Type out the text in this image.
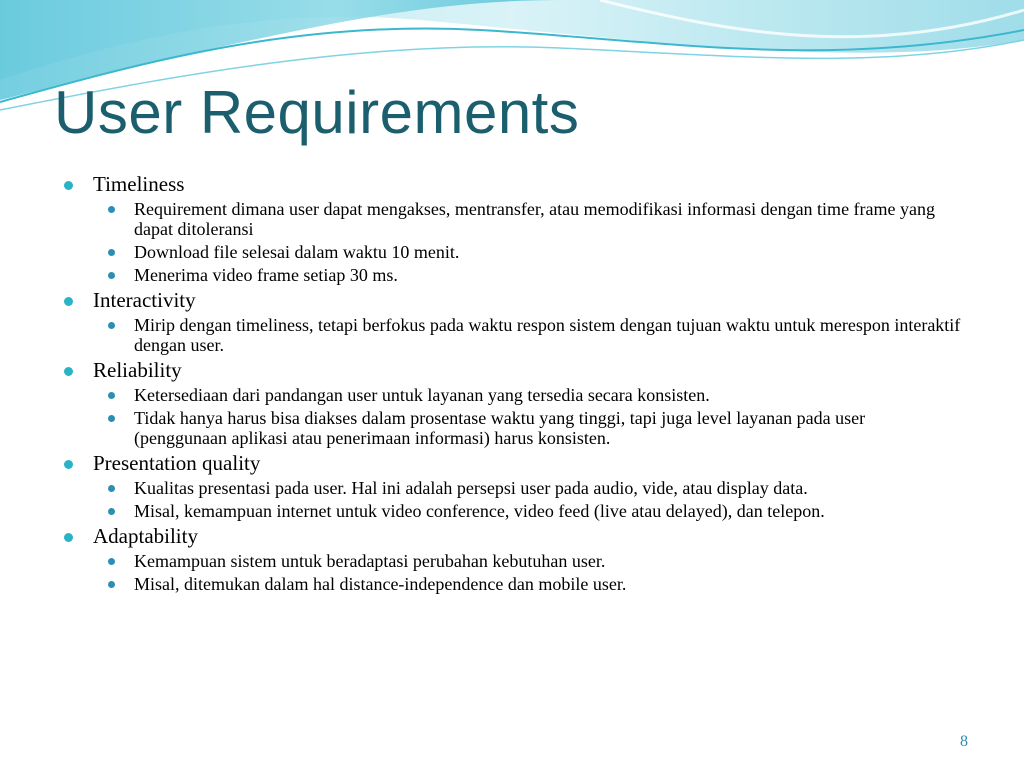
User Requirements
Timeliness
Requirement dimana user dapat mengakses, mentransfer, atau memodifikasi informasi dengan time frame yang dapat ditoleransi
Download file selesai dalam waktu 10 menit.
Menerima video frame setiap 30 ms.
Interactivity
Mirip dengan timeliness, tetapi berfokus pada waktu respon sistem dengan tujuan waktu untuk merespon interaktif dengan user.
Reliability
Ketersediaan dari pandangan user untuk layanan yang tersedia secara konsisten.
Tidak hanya harus bisa diakses dalam prosentase waktu yang tinggi, tapi juga level layanan pada user (penggunaan aplikasi atau penerimaan informasi) harus konsisten.
Presentation quality
Kualitas presentasi pada user. Hal ini adalah persepsi user pada audio, vide, atau display data.
Misal, kemampuan internet untuk video conference, video feed (live atau delayed), dan telepon.
Adaptability
Kemampuan sistem untuk beradaptasi perubahan kebutuhan user.
Misal, ditemukan dalam hal distance-independence dan mobile user.
8
